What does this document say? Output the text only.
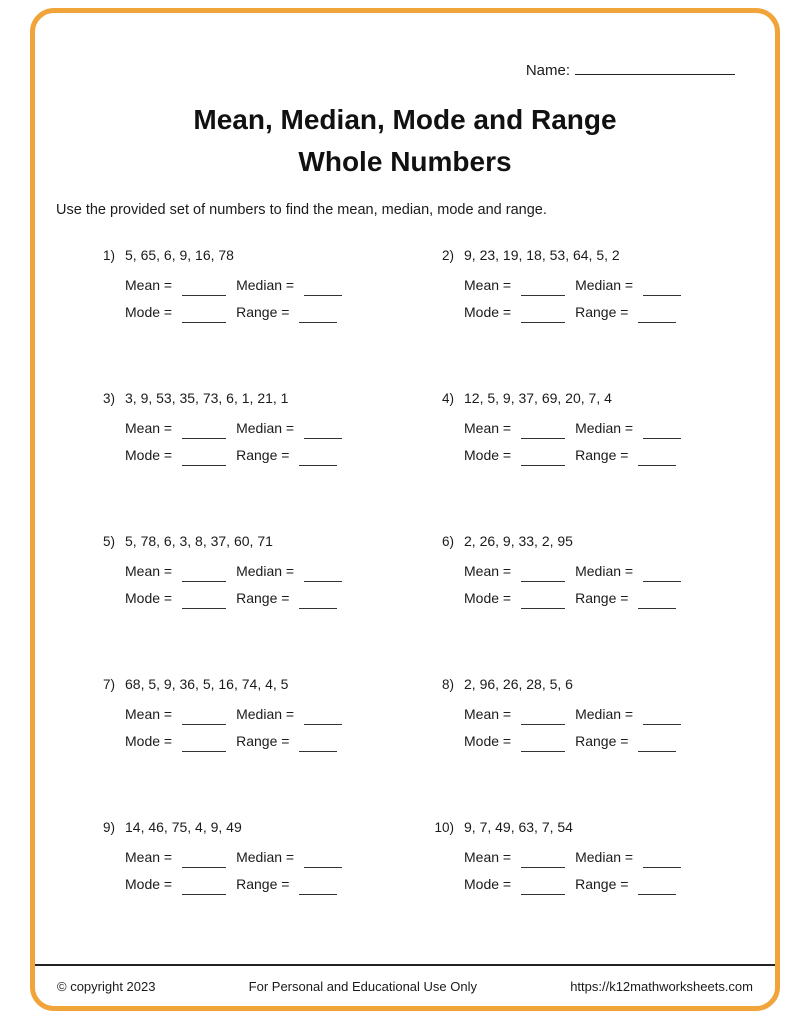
Name:
Mean, Median, Mode and Range
Whole Numbers

Use the provided set of numbers to find the mean, median, mode and range.

1) 5, 65, 6, 9, 16, 78
Mean =	Median =
Mode =	Range =
2) 9, 23, 19, 18, 53, 64, 5, 2
Mean =	Median =
Mode =	Range =
3) 3, 9, 53, 35, 73, 6, 1, 21, 1
Mean =	Median =
Mode =	Range =
4) 12, 5, 9, 37, 69, 20, 7, 4
Mean =	Median =
Mode =	Range =
5) 5, 78, 6, 3, 8, 37, 60, 71
Mean =	Median =
Mode =	Range =
6) 2, 26, 9, 33, 2, 95
Mean =	Median =
Mode =	Range =
7) 68, 5, 9, 36, 5, 16, 74, 4, 5
Mean =	Median =
Mode =	Range =
8) 2, 96, 26, 28, 5, 6
Mean =	Median =
Mode =	Range =
9) 14, 46, 75, 4, 9, 49
Mean =	Median =
Mode =	Range =
10) 9, 7, 49, 63, 7, 54
Mean =	Median =
Mode =	Range =
© copyright 2023	For Personal and Educational Use Only	https://k12mathworksheets.com
